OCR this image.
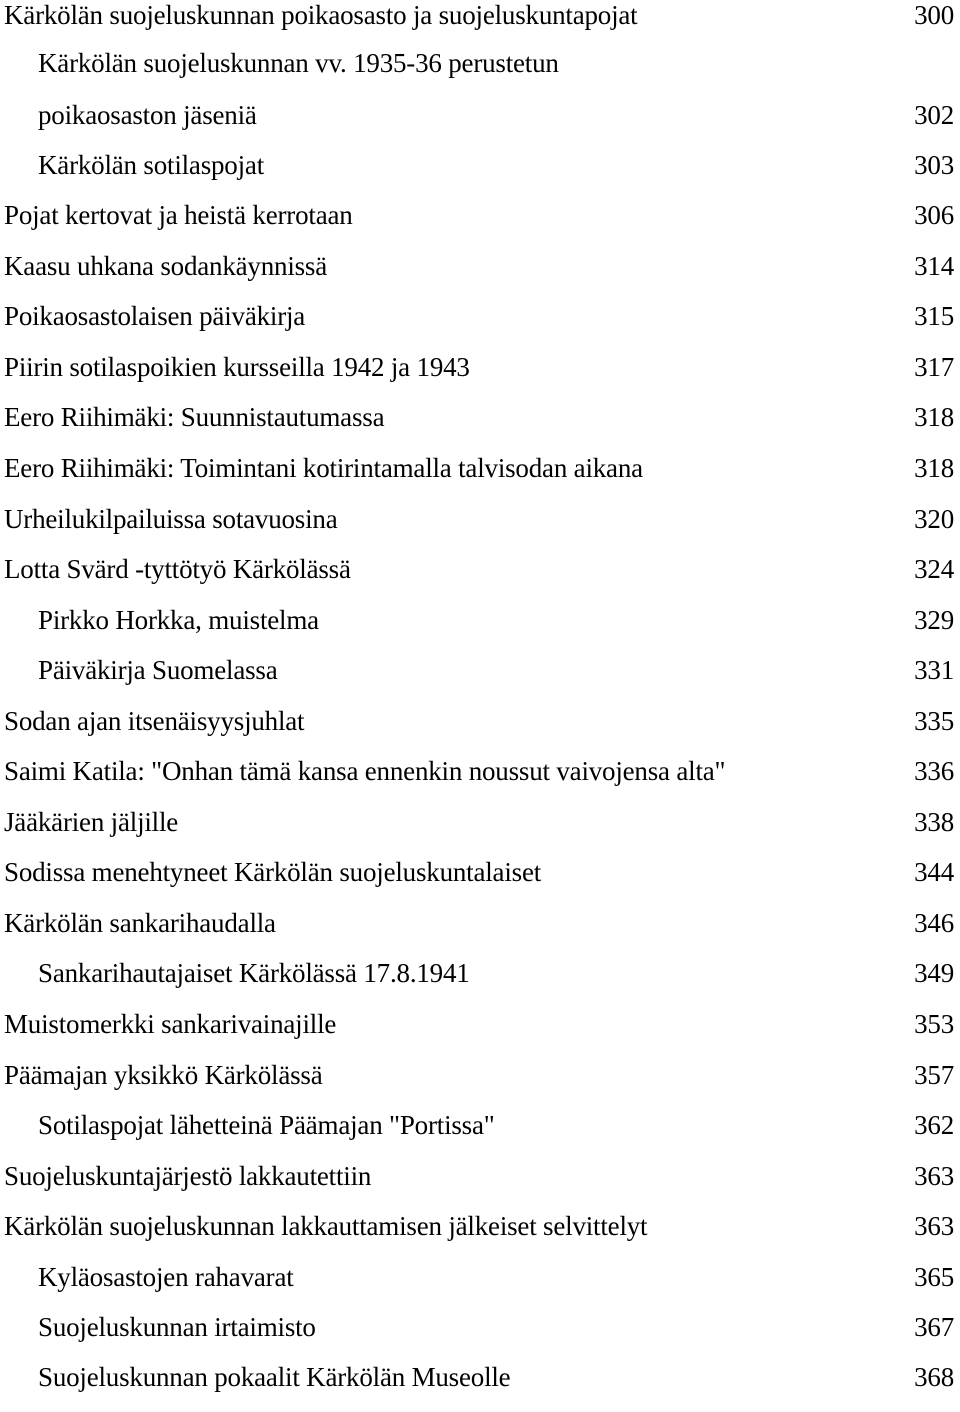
Kärkölän suojeluskunnan poikaosasto ja suojeluskuntapojat	300
Kärkölän suojeluskunnan vv. 1935-36 perustetun
poikaosaston jäseniä	302
Kärkölän sotilaspojat	303
Pojat kertovat ja heistä kerrotaan	306
Kaasu uhkana sodankäynnissä	314
Poikaosastolaisen päiväkirja	315
Piirin sotilaspoikien kursseilla 1942 ja 1943	317
Eero Riihimäki: Suunnistautumassa	318
Eero Riihimäki: Toimintani kotirintamalla talvisodan aikana	318
Urheilukilpailuissa sotavuosina	320
Lotta Svärd -tyttötyö Kärkölässä	324
Pirkko Horkka, muistelma	329
Päiväkirja Suomelassa	331
Sodan ajan itsenäisyysjuhlat	335
Saimi Katila: "Onhan tämä kansa ennenkin noussut vaivojensa alta"	336
Jääkärien jäljille	338
Sodissa menehtyneet Kärkölän suojeluskuntalaiset	344
Kärkölän sankarihaudalla	346
Sankarihautajaiset Kärkölässä 17.8.1941	349
Muistomerkki sankarivainajille	353
Päämajan yksikkö Kärkölässä	357
Sotilaspojat lähetteinä Päämajan "Portissa"	362
Suojeluskuntajärjestö lakkautettiin	363
Kärkölän suojeluskunnan lakkauttamisen jälkeiset selvittelyt	363
Kyläosastojen rahavarat	365
Suojeluskunnan irtaimisto	367
Suojeluskunnan pokaalit Kärkölän Museolle	368
